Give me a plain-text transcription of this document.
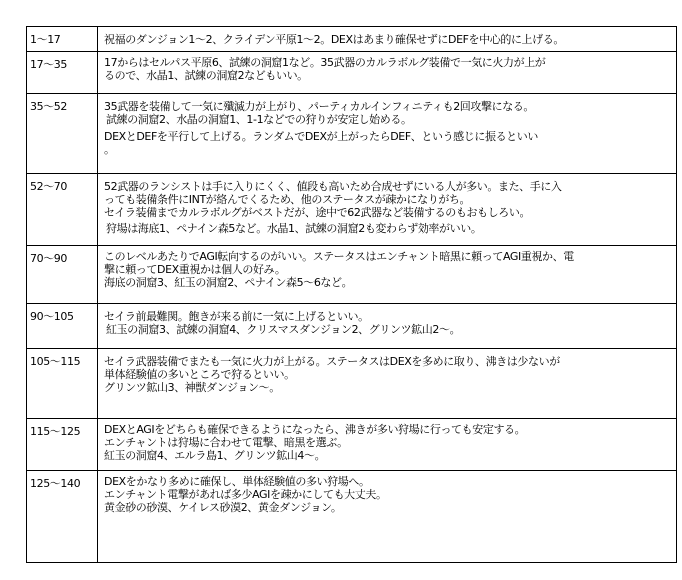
1～17	祝福のダンジョン1～2、クライデン平原1～2。DEXはあまり確保せずにDEFを中心的に上げる。

17～35	17からはセルパス平原6、試練の洞窟1など。35武器のカルラボルグ装備で一気に火力が上が
るので、水晶1、試練の洞窟2などもいい。

35～52	35武器を装備して一気に殲滅力が上がり、パーティカルインフィニティも2回攻撃になる。
試練の洞窟2、水晶の洞窟1、1-1などでの狩りが安定し始める。
DEXとDEFを平行して上げる。ランダムでDEXが上がったらDEF、という感じに振るといい
。

52～70	52武器のランシストは手に入りにくく、値段も高いため合成せずにいる人が多い。また、手に入
っても装備条件にINTが絡んでくるため、他のステータスが疎かになりがち。
セイラ装備までカルラボルグがベストだが、途中で62武器など装備するのもおもしろい。
狩場は海底1、ペナイン森5など。水晶1、試練の洞窟2も変わらず効率がいい。

70～90	このレベルあたりでAGI転向するのがいい。ステータスはエンチャント暗黒に頼ってAGI重視か、電
撃に頼ってDEX重視かは個人の好み。
海底の洞窟3、紅玉の洞窟2、ペナイン森5～6など。

90～105	セイラ前最難関。飽きが来る前に一気に上げるといい。
紅玉の洞窟3、試練の洞窟4、クリスマスダンジョン2、グリンツ鉱山2～。

105～115	セイラ武器装備でまたも一気に火力が上がる。ステータスはDEXを多めに取り、沸きは少ないが
単体経験値の多いところで狩るといい。
グリンツ鉱山3、神獣ダンジョン～。

115～125	DEXとAGIをどちらも確保できるようになったら、沸きが多い狩場に行っても安定する。
エンチャントは狩場に合わせて電撃、暗黒を選ぶ。
紅玉の洞窟4、エルラ島1、グリンツ鉱山4～。

125～140	DEXをかなり多めに確保し、単体経験値の多い狩場へ。
エンチャント電撃があれば多少AGIを疎かにしても大丈夫。
黄金砂の砂漠、ケイレス砂漠2、黄金ダンジョン。
